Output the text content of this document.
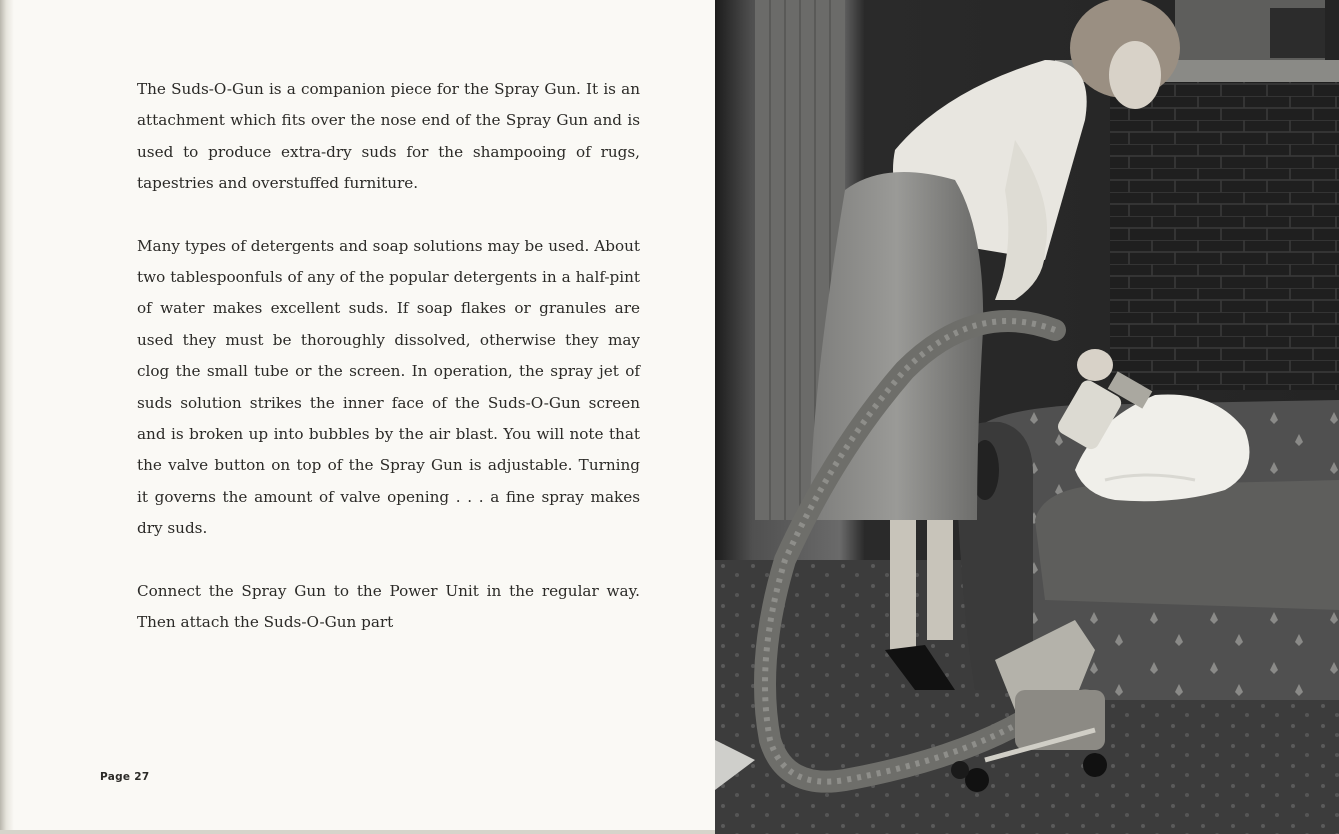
The Suds-O-Gun is a companion piece for the Spray Gun. It is an attachment which fits over the nose end of the Spray Gun and is used to produce extra-dry suds for the shampooing of rugs, tapestries and overstuffed furniture.

Many types of detergents and soap solutions may be used. About two tablespoonfuls of any of the popular detergents in a half-pint of water makes excellent suds. If soap flakes or granules are used they must be thoroughly dissolved, otherwise they may clog the small tube or the screen. In operation, the spray jet of suds solution strikes the inner face of the Suds-O-Gun screen and is broken up into bubbles by the air blast. You will note that the valve button on top of the Spray Gun is adjustable. Turning it governs the amount of valve opening . . . a fine spray makes dry suds.

Connect the Spray Gun to the Power Unit in the regular way. Then attach the Suds-O-Gun part

Page 27
